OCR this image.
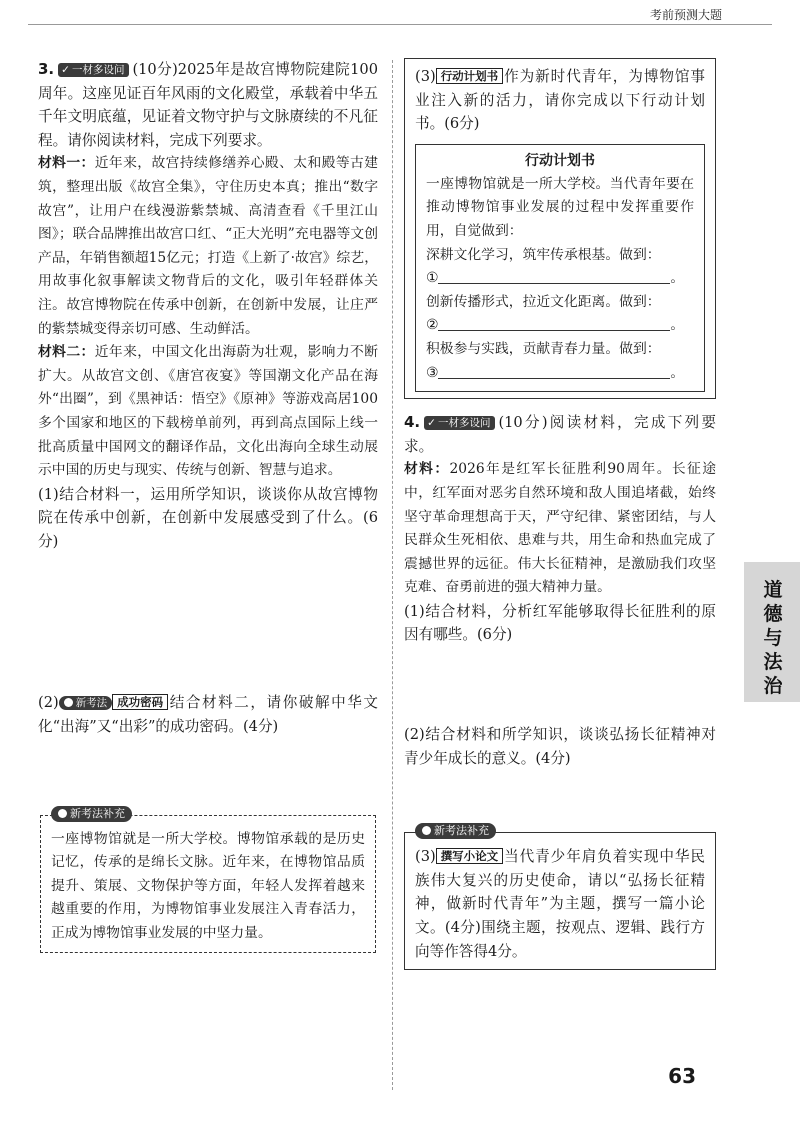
考前预测大题

3. ✓ 一材多设问 (10分)2025年是故宫博物院建院100周年。这座见证百年风雨的文化殿堂，承载着中华五千年文明底蕴，见证着文物守护与文脉赓续的不凡征程。请你阅读材料，完成下列要求。

材料一：近年来，故宫持续修缮养心殿、太和殿等古建筑，整理出版《故宫全集》，守住历史本真；推出“数字故宫”，让用户在线漫游紫禁城、高清查看《千里江山图》；联合品牌推出故宫口红、“正大光明”充电器等文创产品，年销售额超15亿元；打造《上新了·故宫》综艺，用故事化叙事解读文物背后的文化，吸引年轻群体关注。故宫博物院在传承中创新，在创新中发展，让庄严的紫禁城变得亲切可感、生动鲜活。

材料二：近年来，中国文化出海蔚为壮观，影响力不断扩大。从故宫文创、《唐宫夜宴》等国潮文化产品在海外“出圈”，到《黑神话：悟空》《原神》等游戏高居100多个国家和地区的下载榜单前列，再到高点国际上线一批高质量中国网文的翻译作品，文化出海向全球生动展示中国的历史与现实、传统与创新、智慧与追求。

(1)结合材料一，运用所学知识，谈谈你从故宫博物院在传承中创新，在创新中发展感受到了什么。(6分)

(2) 新考法 成功密码 结合材料二，请你破解中华文化“出海”又“出彩”的成功密码。(4分)

新考法补充

一座博物馆就是一所大学校。博物馆承载的是历史记忆，传承的是绵长文脉。近年来，在博物馆品质提升、策展、文物保护等方面，年轻人发挥着越来越重要的作用，为博物馆事业发展注入青春活力，正成为博物馆事业发展的中坚力量。

(3) 行动计划书 作为新时代青年，为博物馆事业注入新的活力，请你完成以下行动计划书。(6分)

行动计划书

一座博物馆就是一所大学校。当代青年要在推动博物馆事业发展的过程中发挥重要作用，自觉做到：

深耕文化学习，筑牢传承根基。做到：

①	。

创新传播形式，拉近文化距离。做到：

②	。

积极参与实践，贡献青春力量。做到：

③	。

4. ✓ 一材多设问 (10分)阅读材料，完成下列要求。

材料：2026年是红军长征胜利90周年。长征途中，红军面对恶劣自然环境和敌人围追堵截，始终坚守革命理想高于天，严守纪律、紧密团结，与人民群众生死相依、患难与共，用生命和热血完成了震撼世界的远征。伟大长征精神，是激励我们攻坚克难、奋勇前进的强大精神力量。

(1)结合材料，分析红军能够取得长征胜利的原因有哪些。(6分)

(2)结合材料和所学知识，谈谈弘扬长征精神对青少年成长的意义。(4分)

新考法补充

(3) 撰写小论文 当代青少年肩负着实现中华民族伟大复兴的历史使命，请以“弘扬长征精神，做新时代青年”为主题，撰写一篇小论文。(4分)围绕主题，按观点、逻辑、践行方向等作答得4分。

道德与法治
63
